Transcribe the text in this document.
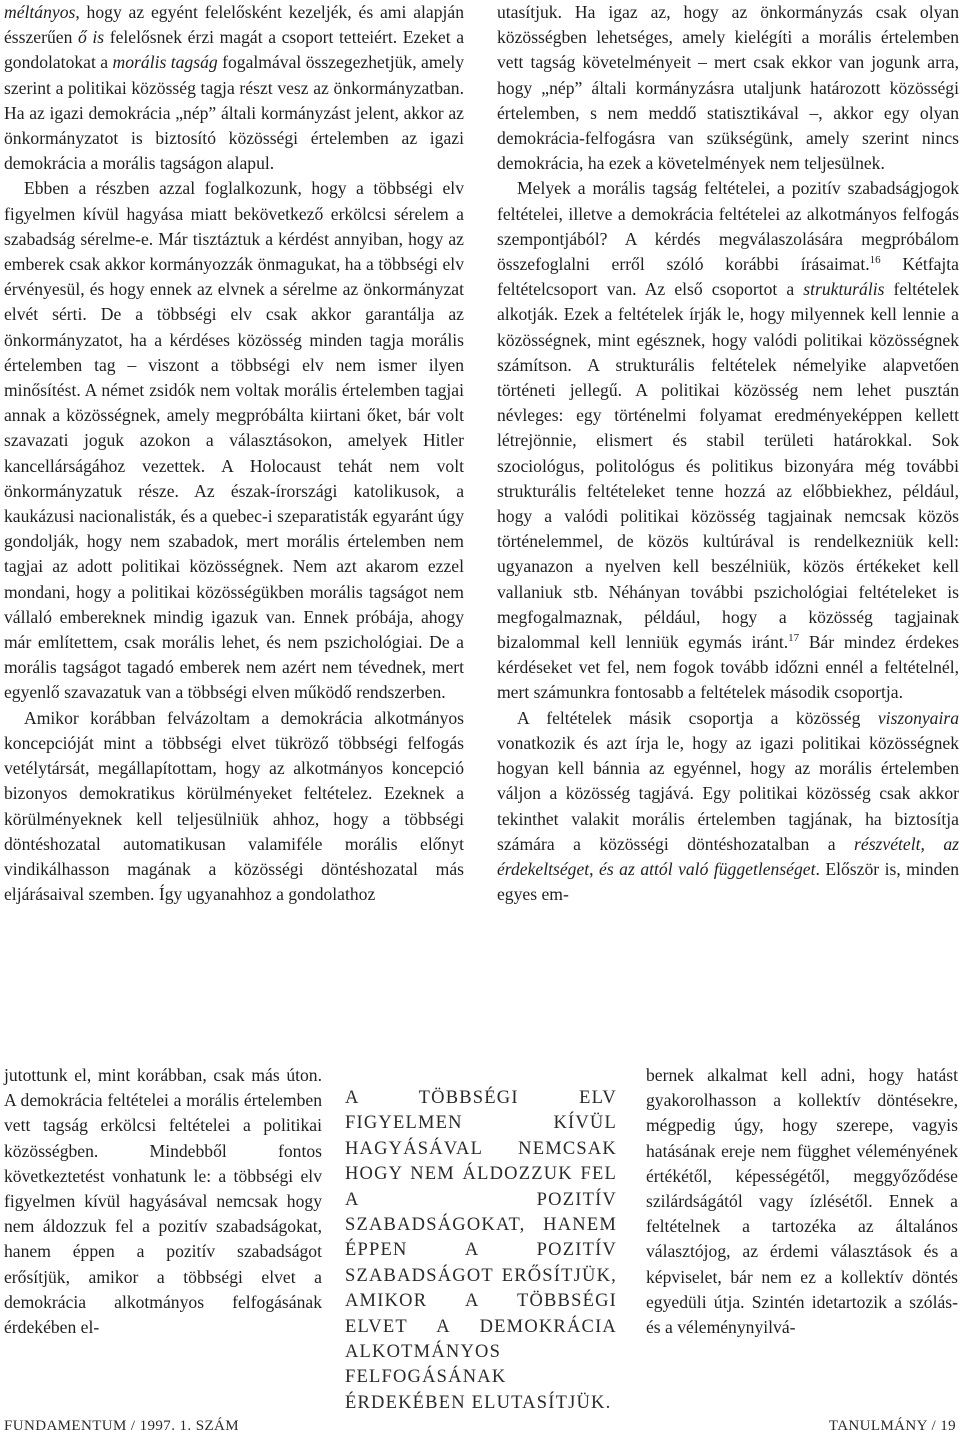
méltányos, hogy az egyént felelősként kezeljék, és ami alapján ésszerűen ő is felelősnek érzi magát a csoport tetteiért. Ezeket a gondolatokat a morális tagság fogalmával összegezhetjük, amely szerint a politikai közösség tagja részt vesz az önkormányzatban. Ha az igazi demokrácia „nép” általi kormányzást jelent, akkor az önkormányzatot is biztosító közösségi értelemben az igazi demokrácia a morális tagságon alapul.

Ebben a részben azzal foglalkozunk, hogy a többségi elv figyelmen kívül hagyása miatt bekövetkező erkölcsi sérelem a szabadság sérelme-e. Már tisztáztuk a kérdést annyiban, hogy az emberek csak akkor kormányozzák önmagukat, ha a többségi elv érvényesül, és hogy ennek az elvnek a sérelme az önkormányzat elvét sérti. De a többségi elv csak akkor garantálja az önkormányzatot, ha a kérdéses közösség minden tagja morális értelemben tag – viszont a többségi elv nem ismer ilyen minősítést. A német zsidók nem voltak morális értelemben tagjai annak a közösségnek, amely megpróbálta kiirtani őket, bár volt szavazati joguk azokon a választásokon, amelyek Hitler kancellárságához vezettek. A Holocaust tehát nem volt önkormányzatuk része. Az észak-írországi katolikusok, a kaukázusi nacionalisták, és a quebec-i szeparatisták egyaránt úgy gondolják, hogy nem szabadok, mert morális értelemben nem tagjai az adott politikai közösségnek. Nem azt akarom ezzel mondani, hogy a politikai közösségükben morális tagságot nem vállaló embereknek mindig igazuk van. Ennek próbája, ahogy már említettem, csak morális lehet, és nem pszichológiai. De a morális tagságot tagadó emberek nem azért nem tévednek, mert egyenlő szavazatuk van a többségi elven működő rendszerben.

Amikor korábban felvázoltam a demokrácia alkotmányos koncepcióját mint a többségi elvet tükröző többségi felfogás vetélytársát, megállapítottam, hogy az alkotmányos koncepció bizonyos demokratikus körülményeket feltételez. Ezeknek a körülményeknek kell teljesülniük ahhoz, hogy a többségi döntéshozatal automatikusan valamiféle morális előnyt vindikálhasson magának a közösségi döntéshozatal más eljárásaival szemben. Így ugyanahhoz a gondolathoz

jutottunk el, mint korábban, csak más úton. A demokrácia feltételei a morális értelemben vett tagság erkölcsi feltételei a politikai közösségben. Mindebből fontos következtetést vonhatunk le: a többségi elv figyelmen kívül hagyásával nemcsak hogy nem áldozzuk fel a pozitív szabadságokat, hanem éppen a pozitív szabadságot erősítjük, amikor a többségi elvet a demokrácia alkotmányos felfogásának érdekében el-

A TÖBBSÉGI ELV FIGYELMEN KÍVÜL HAGYÁSÁVAL NEMCSAK HOGY NEM ÁLDOZZUK FEL A POZITÍV SZABADSÁGOKAT, HANEM ÉPPEN A POZITÍV SZABADSÁGOT ERŐSÍTJÜK, AMIKOR A TÖBBSÉGI ELVET A DEMOKRÁCIA ALKOTMÁNYOS FELFOGÁSÁNAK ÉRDEKÉBEN ELUTASÍTJÜK.

utasítjuk. Ha igaz az, hogy az önkormányzás csak olyan közösségben lehetséges, amely kielégíti a morális értelemben vett tagság követelményeit – mert csak ekkor van jogunk arra, hogy „nép” általi kormányzásra utaljunk határozott közösségi értelemben, s nem meddő statisztikával –, akkor egy olyan demokrácia-felfogásra van szükségünk, amely szerint nincs demokrácia, ha ezek a követelmények nem teljesülnek.

Melyek a morális tagság feltételei, a pozitív szabadságjogok feltételei, illetve a demokrácia feltételei az alkotmányos felfogás szempontjából? A kérdés megválaszolására megpróbálom összefoglalni erről szóló korábbi írásaimat.$^{16}$ Kétfajta feltételcsoport van. Az első csoportot a strukturális feltételek alkotják. Ezek a feltételek írják le, hogy milyennek kell lennie a közösségnek, mint egésznek, hogy valódi politikai közösségnek számítson. A strukturális feltételek némelyike alapvetően történeti jellegű. A politikai közösség nem lehet pusztán névleges: egy történelmi folyamat eredményeképpen kellett létrejönnie, elismert és stabil területi határokkal. Sok szociológus, politológus és politikus bizonyára még további strukturális feltételeket tenne hozzá az előbbiekhez, például, hogy a valódi politikai közösség tagjainak nemcsak közös történelemmel, de közös kultúrával is rendelkezniük kell: ugyanazon a nyelven kell beszélniük, közös értékeket kell vallaniuk stb. Néhányan további pszichológiai feltételeket is megfogalmaznak, például, hogy a közösség tagjainak bizalommal kell lenniük egymás iránt.$^{17}$ Bár mindez érdekes kérdéseket vet fel, nem fogok tovább időzni ennél a feltételnél, mert számunkra fontosabb a feltételek második csoportja.

A feltételek másik csoportja a közösség viszonyaira vonatkozik és azt írja le, hogy az igazi politikai közösségnek hogyan kell bánnia az egyénnel, hogy az morális értelemben váljon a közösség tagjává. Egy politikai közösség csak akkor tekinthet valakit morális értelemben tagjának, ha biztosítja számára a közösségi döntéshozatalban a részvételt, az érdekeltséget, és az attól való függetlenséget. Először is, minden egyes em-

bernek alkalmat kell adni, hogy hatást gyakorolhasson a kollektív döntésekre, mégpedig úgy, hogy szerepe, vagyis hatásának ereje nem függhet véleményének értékétől, képességétől, meggyőződése szilárdságától vagy ízlésétől. Ennek a feltételnek a tartozéka az általános választójog, az érdemi választások és a képviselet, bár nem ez a kollektív döntés egyedüli útja. Szintén idetartozik a szólás- és a véleménynyilvá-

FUNDAMENTUM / 1997. 1. SZÁM	TANULMÁNY / 19
